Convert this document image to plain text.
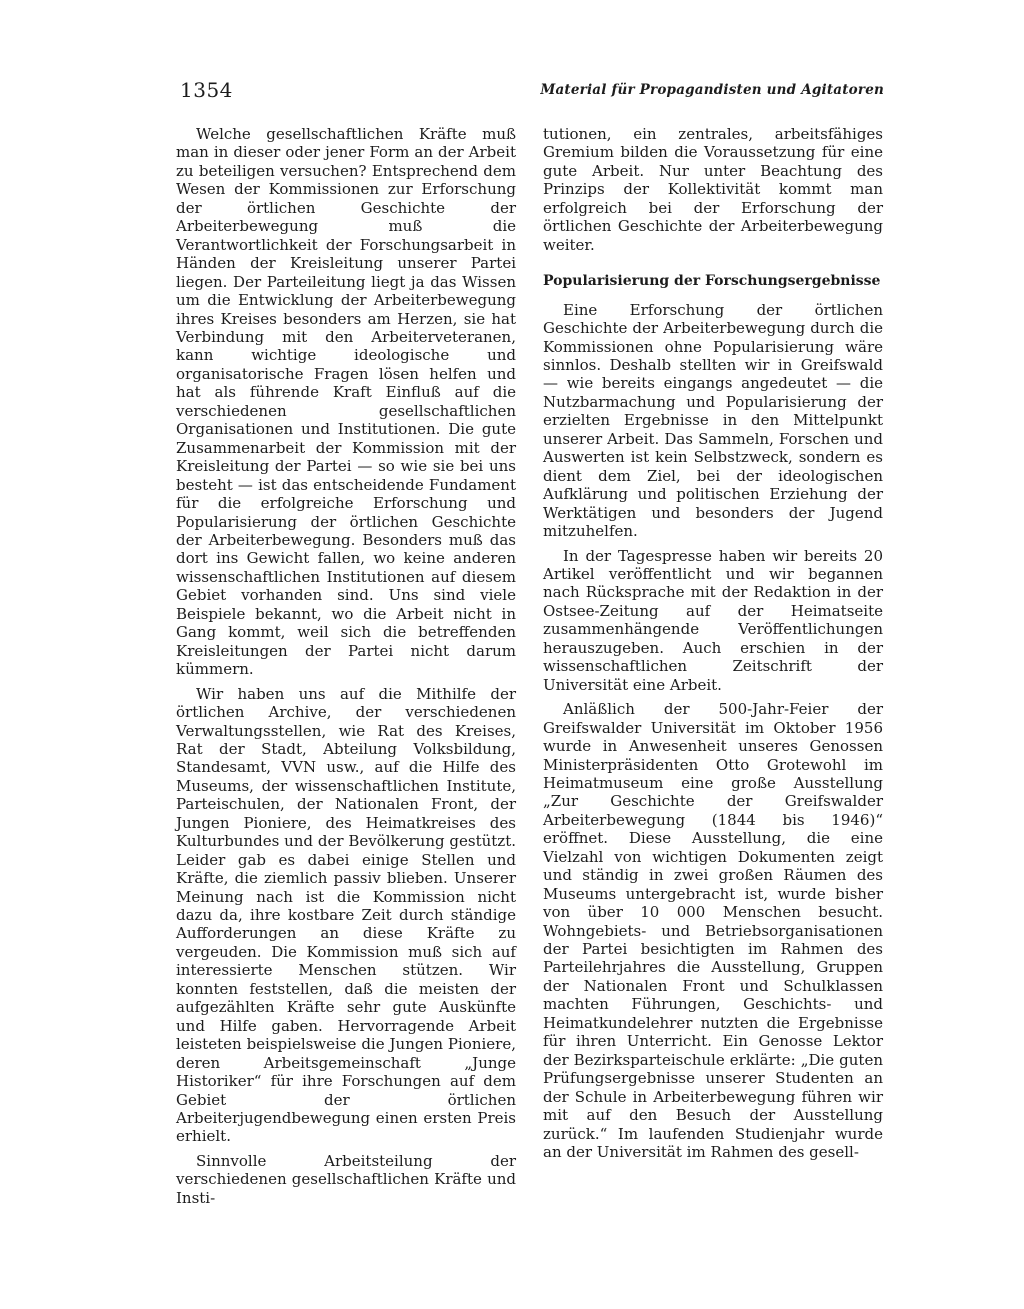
1354	Material für Propagandisten und Agitatoren

Welche gesellschaftlichen Kräfte muß man in dieser oder jener Form an der Arbeit zu beteiligen versuchen? Entsprechend dem Wesen der Kommissionen zur Erforschung der örtlichen Geschichte der Arbeiterbewegung muß die Verantwortlichkeit der Forschungsarbeit in Händen der Kreisleitung unserer Partei liegen. Der Parteileitung liegt ja das Wissen um die Entwicklung der Arbeiterbewegung ihres Kreises besonders am Herzen, sie hat Verbindung mit den Arbeiterveteranen, kann wichtige ideologische und organisatorische Fragen lösen helfen und hat als führende Kraft Einfluß auf die verschiedenen gesellschaftlichen Organisationen und Institutionen. Die gute Zusammenarbeit der Kommission mit der Kreisleitung der Partei — so wie sie bei uns besteht — ist das entscheidende Fundament für die erfolgreiche Erforschung und Popularisierung der örtlichen Geschichte der Arbeiterbewegung. Besonders muß das dort ins Gewicht fallen, wo keine anderen wissenschaftlichen Institutionen auf diesem Gebiet vorhanden sind. Uns sind viele Beispiele bekannt, wo die Arbeit nicht in Gang kommt, weil sich die betreffenden Kreisleitungen der Partei nicht darum kümmern.

Wir haben uns auf die Mithilfe der örtlichen Archive, der verschiedenen Verwaltungsstellen, wie Rat des Kreises, Rat der Stadt, Abteilung Volksbildung, Standesamt, VVN usw., auf die Hilfe des Museums, der wissenschaftlichen Institute, Parteischulen, der Nationalen Front, der Jungen Pioniere, des Heimatkreises des Kulturbundes und der Bevölkerung gestützt. Leider gab es dabei einige Stellen und Kräfte, die ziemlich passiv blieben. Unserer Meinung nach ist die Kommission nicht dazu da, ihre kostbare Zeit durch ständige Aufforderungen an diese Kräfte zu vergeuden. Die Kommission muß sich auf interessierte Menschen stützen. Wir konnten feststellen, daß die meisten der aufgezählten Kräfte sehr gute Auskünfte und Hilfe gaben. Hervorragende Arbeit leisteten beispielsweise die Jungen Pioniere, deren Arbeitsgemeinschaft „Junge Historiker“ für ihre Forschungen auf dem Gebiet der örtlichen Arbeiterjugendbewegung einen ersten Preis erhielt.

Sinnvolle Arbeitsteilung der verschiedenen gesellschaftlichen Kräfte und Insti-

tutionen, ein zentrales, arbeitsfähiges Gremium bilden die Voraussetzung für eine gute Arbeit. Nur unter Beachtung des Prinzips der Kollektivität kommt man erfolgreich bei der Erforschung der örtlichen Geschichte der Arbeiterbewegung weiter.

Popularisierung der Forschungsergebnisse

Eine Erforschung der örtlichen Geschichte der Arbeiterbewegung durch die Kommissionen ohne Popularisierung wäre sinnlos. Deshalb stellten wir in Greifswald — wie bereits eingangs angedeutet — die Nutzbarmachung und Popularisierung der erzielten Ergebnisse in den Mittelpunkt unserer Arbeit. Das Sammeln, Forschen und Auswerten ist kein Selbstzweck, sondern es dient dem Ziel, bei der ideologischen Aufklärung und politischen Erziehung der Werktätigen und besonders der Jugend mitzuhelfen.

In der Tagespresse haben wir bereits 20 Artikel veröffentlicht und wir begannen nach Rücksprache mit der Redaktion in der Ostsee-Zeitung auf der Heimatseite zusammenhängende Veröffentlichungen herauszugeben. Auch erschien in der wissenschaftlichen Zeitschrift der Universität eine Arbeit.

Anläßlich der 500-Jahr-Feier der Greifswalder Universität im Oktober 1956 wurde in Anwesenheit unseres Genossen Ministerpräsidenten Otto Grotewohl im Heimatmuseum eine große Ausstellung „Zur Geschichte der Greifswalder Arbeiterbewegung (1844 bis 1946)“ eröffnet. Diese Ausstellung, die eine Vielzahl von wichtigen Dokumenten zeigt und ständig in zwei großen Räumen des Museums untergebracht ist, wurde bisher von über 10 000 Menschen besucht. Wohngebiets- und Betriebsorganisationen der Partei besichtigten im Rahmen des Parteilehrjahres die Ausstellung, Gruppen der Nationalen Front und Schulklassen machten Führungen, Geschichts- und Heimatkundelehrer nutzten die Ergebnisse für ihren Unterricht. Ein Genosse Lektor der Bezirksparteischule erklärte: „Die guten Prüfungsergebnisse unserer Studenten an der Schule in Arbeiterbewegung führen wir mit auf den Besuch der Ausstellung zurück.“ Im laufenden Studienjahr wurde an der Universität im Rahmen des gesell-
